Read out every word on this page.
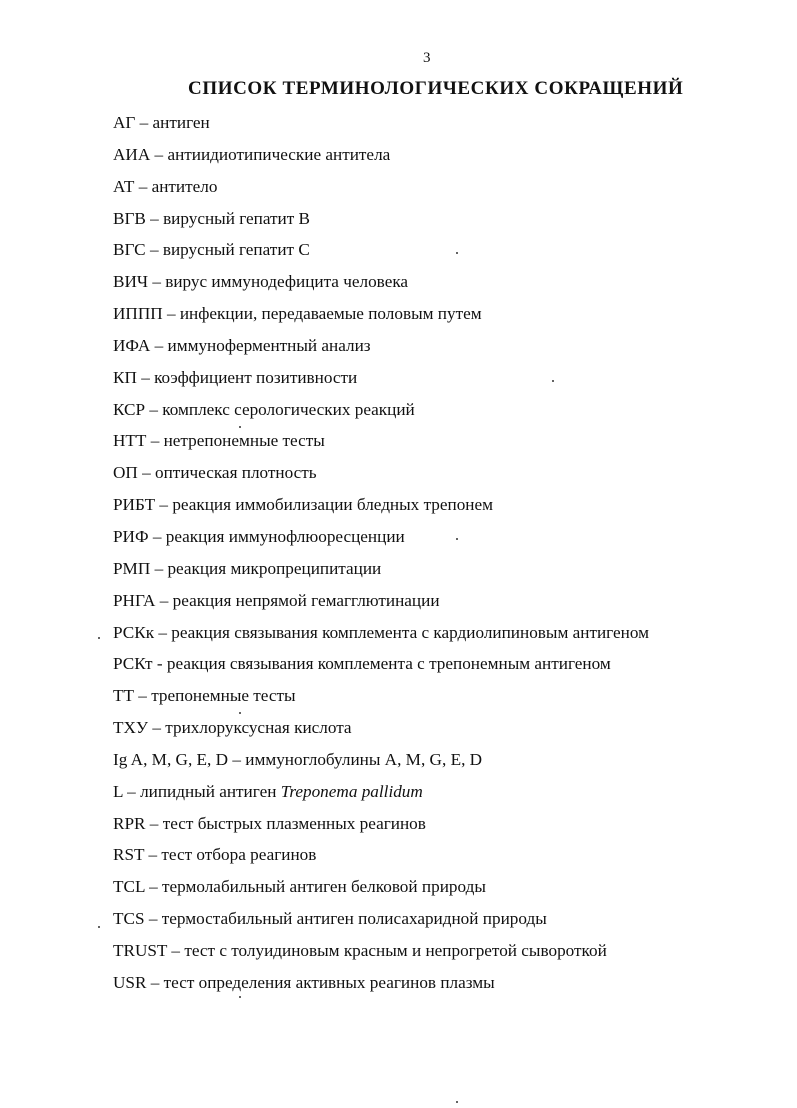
3
СПИСОК ТЕРМИНОЛОГИЧЕСКИХ СОКРАЩЕНИЙ
АГ – антиген
АИА – антиидиотипические антитела
АТ – антитело
ВГВ – вирусный гепатит В
ВГС – вирусный гепатит С
ВИЧ – вирус иммунодефицита человека
ИППП – инфекции, передаваемые половым путем
ИФА – иммуноферментный анализ
КП – коэффициент позитивности
КСР – комплекс серологических реакций
НТТ – нетрепонемные тесты
ОП – оптическая плотность
РИБТ – реакция иммобилизации бледных трепонем
РИФ – реакция иммунофлюоресценции
РМП – реакция микропреципитации
РНГА – реакция непрямой гемагглютинации
РСКк – реакция связывания комплемента с кардиолипиновым антигеном
РСКт - реакция связывания комплемента с трепонемным антигеном
ТТ – трепонемные тесты
ТХУ – трихлоруксусная кислота
Ig A, M, G, E, D – иммуноглобулины A, M, G, E, D
L – липидный антиген Treponema pallidum
RPR – тест быстрых плазменных реагинов
RST – тест отбора реагинов
TCL – термолабильный антиген белковой природы
TCS – термостабильный антиген полисахаридной природы
TRUST – тест с толуидиновым красным и непрогретой сывороткой
USR – тест определения активных реагинов плазмы
